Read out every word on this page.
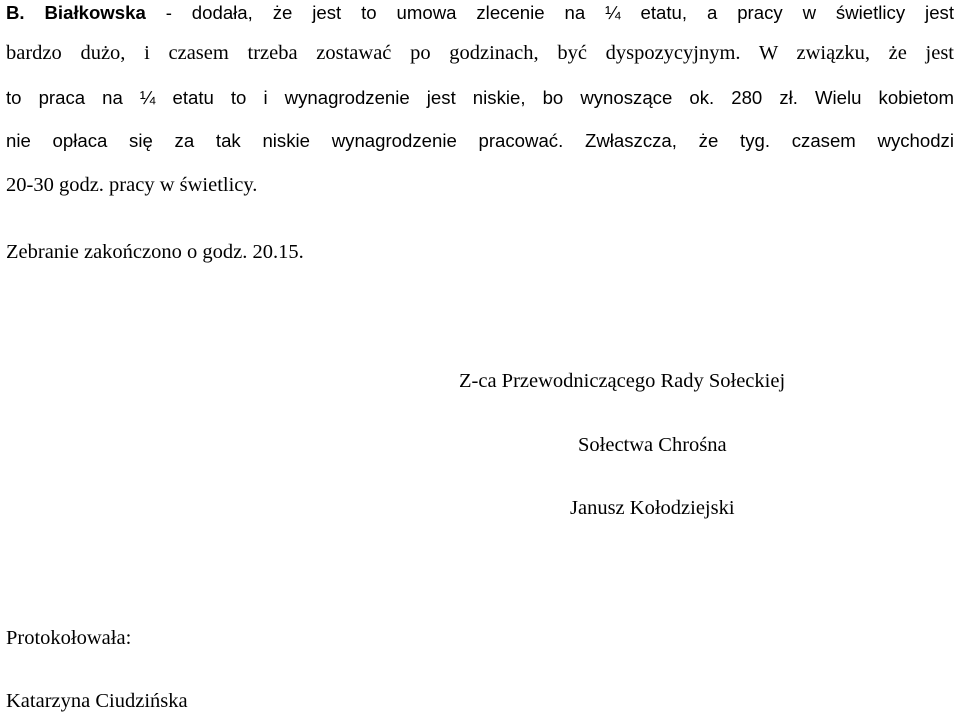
B. Białkowska - dodała, że jest to umowa zlecenie na ¼ etatu, a pracy w świetlicy jest
bardzo dużo, i czasem trzeba zostawać po godzinach, być dyspozycyjnym. W związku, że jest
to praca na ¼ etatu to i wynagrodzenie jest niskie, bo wynoszące ok. 280 zł. Wielu kobietom
nie opłaca się za tak niskie wynagrodzenie pracować. Zwłaszcza, że tyg. czasem wychodzi
20-30 godz. pracy w świetlicy.
Zebranie zakończono o godz. 20.15.
Z-ca Przewodniczącego Rady Sołeckiej
Sołectwa Chrośna
Janusz Kołodziejski
Protokołowała:
Katarzyna Ciudzińska
